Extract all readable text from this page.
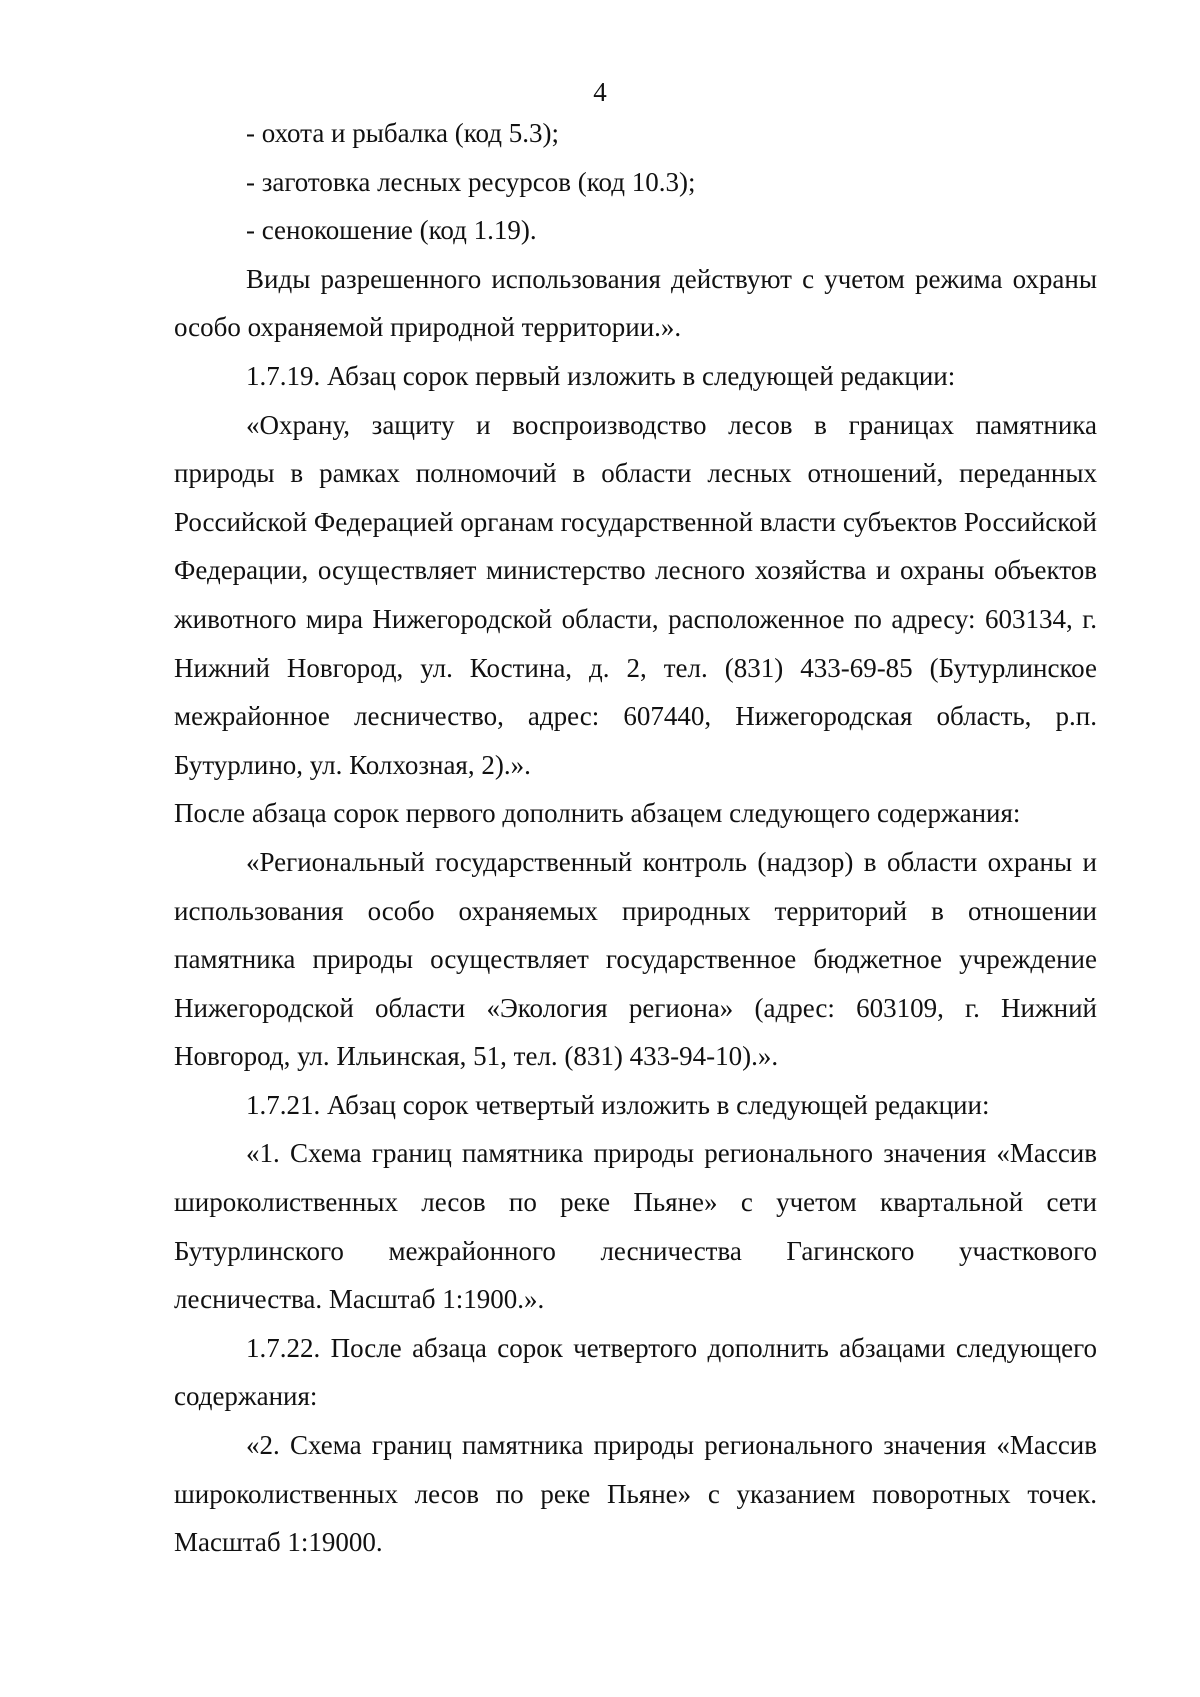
4

- охота и рыбалка (код 5.3);

- заготовка лесных ресурсов (код 10.3);

- сенокошение (код 1.19).

Виды разрешенного использования действуют с учетом режима охраны особо охраняемой природной территории.».

1.7.19. Абзац сорок первый изложить в следующей редакции:

«Охрану, защиту и воспроизводство лесов в границах памятника природы в рамках полномочий в области лесных отношений, переданных Российской Федерацией органам государственной власти субъектов Российской Федерации, осуществляет министерство лесного хозяйства и охраны объектов животного мира Нижегородской области, расположенное по адресу: 603134, г. Нижний Новгород, ул. Костина, д. 2, тел. (831) 433-69-85 (Бутурлинское межрайонное лесничество, адрес: 607440, Нижегородская область, р.п. Бутурлино, ул. Колхозная, 2).».

После абзаца сорок первого дополнить абзацем следующего содержания:

«Региональный государственный контроль (надзор) в области охраны и использования особо охраняемых природных территорий в отношении памятника природы осуществляет государственное бюджетное учреждение Нижегородской области «Экология региона» (адрес: 603109, г. Нижний Новгород, ул. Ильинская, 51, тел. (831) 433-94-10).».

1.7.21. Абзац сорок четвертый изложить в следующей редакции:

«1. Схема границ памятника природы регионального значения «Массив широколиственных лесов по реке Пьяне» с учетом квартальной сети Бутурлинского межрайонного лесничества Гагинского участкового лесничества. Масштаб 1:1900.».

1.7.22. После абзаца сорок четвертого дополнить абзацами следующего содержания:

«2. Схема границ памятника природы регионального значения «Массив широколиственных лесов по реке Пьяне» с указанием поворотных точек. Масштаб 1:19000.
